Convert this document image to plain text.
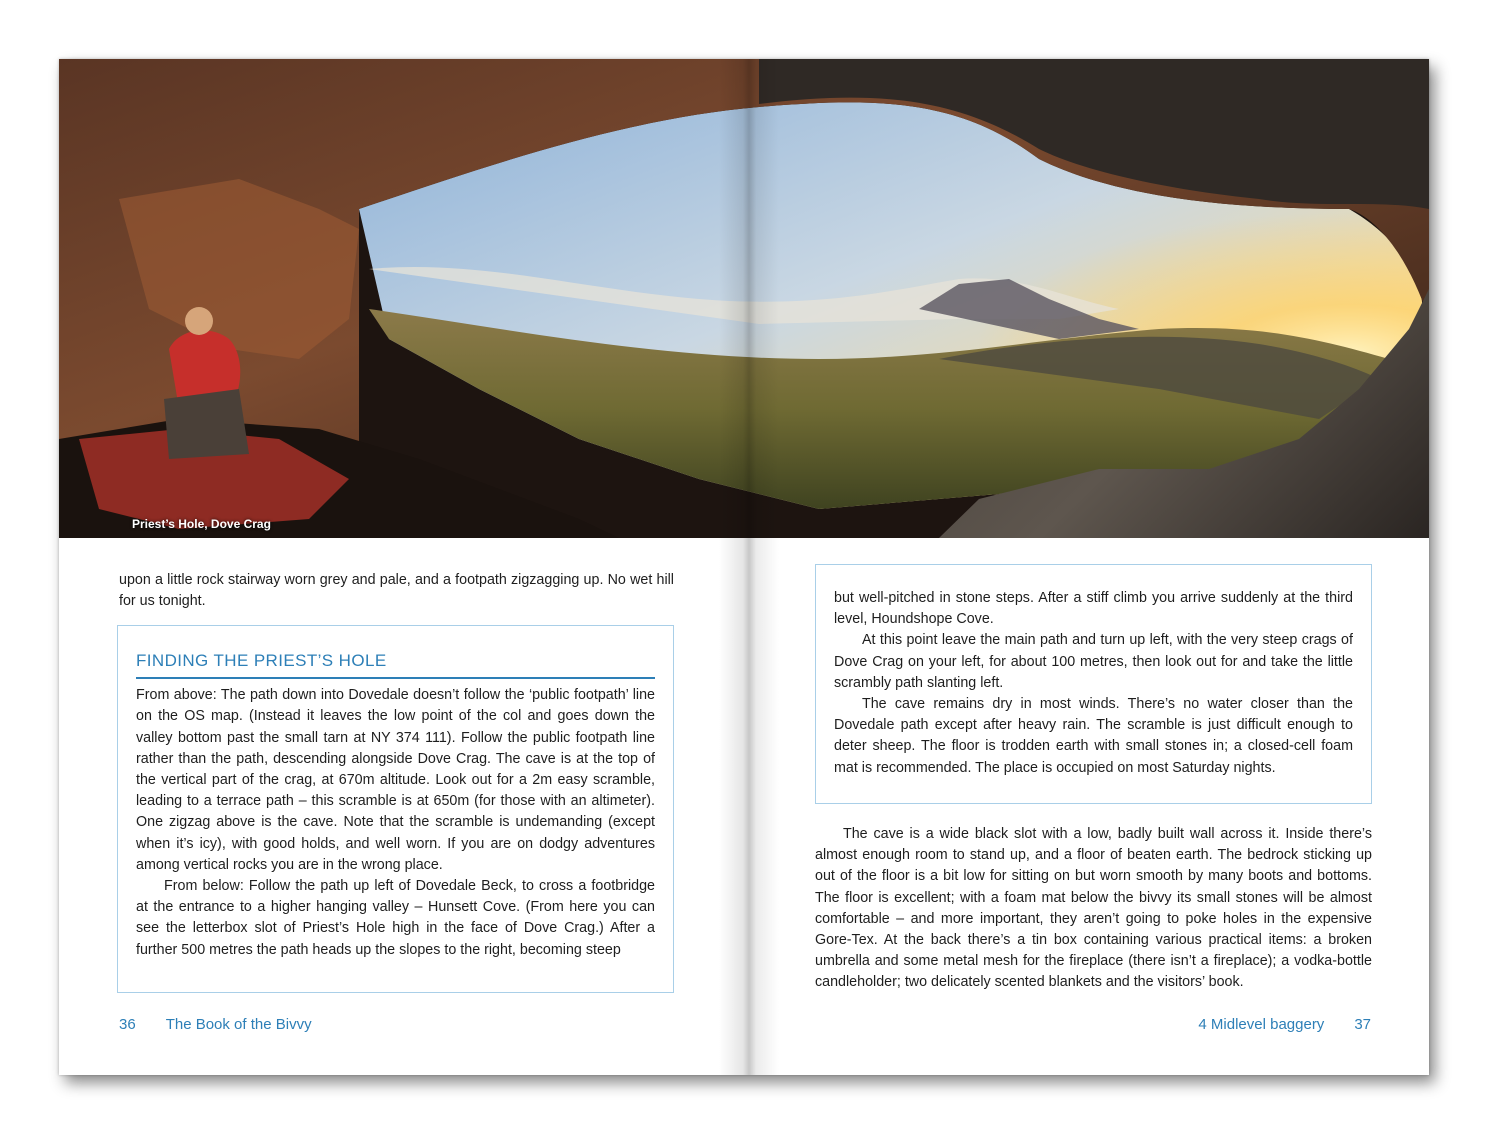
Priest’s Hole, Dove Crag
upon a little rock stairway worn grey and pale, and a footpath zigzagging up. No wet hill for us tonight.
FINDING THE PRIEST’S HOLE

From above: The path down into Dovedale doesn’t follow the ‘public footpath’ line on the OS map. (Instead it leaves the low point of the col and goes down the valley bottom past the small tarn at NY 374 111). Follow the public footpath line rather than the path, descending alongside Dove Crag. The cave is at the top of the vertical part of the crag, at 670m altitude. Look out for a 2m easy scramble, leading to a terrace path – this scramble is at 650m (for those with an altimeter). One zigzag above is the cave. Note that the scramble is undemanding (except when it’s icy), with good holds, and well worn. If you are on dodgy adventures among vertical rocks you are in the wrong place.

From below: Follow the path up left of Dovedale Beck, to cross a footbridge at the entrance to a higher hanging valley – Hunsett Cove. (From here you can see the letterbox slot of Priest’s Hole high in the face of Dove Crag.) After a further 500 metres the path heads up the slopes to the right, becoming steep

36 The Book of the Bivvy

but well-pitched in stone steps. After a stiff climb you arrive suddenly at the third level, Houndshope Cove.

At this point leave the main path and turn up left, with the very steep crags of Dove Crag on your left, for about 100 metres, then look out for and take the little scrambly path slanting left.

The cave remains dry in most winds. There’s no water closer than the Dovedale path except after heavy rain. The scramble is just difficult enough to deter sheep. The floor is trodden earth with small stones in; a closed-cell foam mat is recommended. The place is occupied on most Saturday nights.

The cave is a wide black slot with a low, badly built wall across it. Inside there’s almost enough room to stand up, and a floor of beaten earth. The bedrock sticking up out of the floor is a bit low for sitting on but worn smooth by many boots and bottoms. The floor is excellent; with a foam mat below the bivvy its small stones will be almost comfortable – and more important, they aren’t going to poke holes in the expensive Gore-Tex. At the back there’s a tin box containing various practical items: a broken umbrella and some metal mesh for the fireplace (there isn’t a fireplace); a vodka-bottle candleholder; two delicately scented blankets and the visitors’ book.
4 Midlevel baggery 37
